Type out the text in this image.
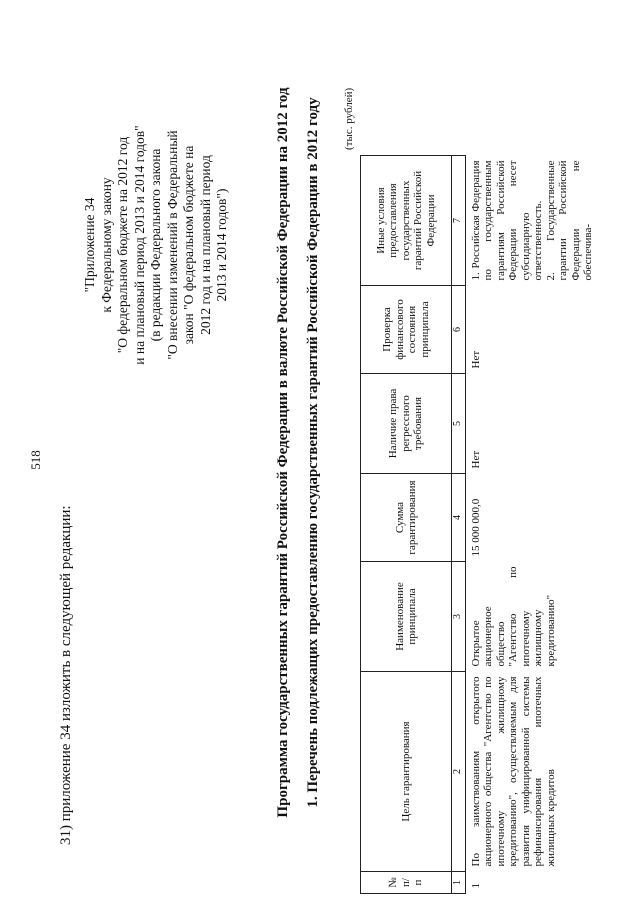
518
31) приложение 34 изложить в следующей редакции:
"Приложение 34 к Федеральному закону "О федеральном бюджете на 2012 год и на плановый период 2013 и 2014 годов" (в редакции Федерального закона "О внесении изменений в Федеральный закон "О федеральном бюджете на 2012 год и на плановый период 2013 и 2014 годов")	Программа государственных гарантий Российской Федерации в валюте Российской Федерации на 2012 год 1. Перечень подлежащих предоставлению государственных гарантий Российской Федерации в 2012 году (тыс. рублей)
№ п/п	Цель гарантирования	Наименование принципала	Сумма гарантирования	Наличие права регрессного требования	Проверка финансового состояния принципала	Иные условия предоставления государственных гарантий Российской Федерации
1	2	3	4	5	6	7
1	По заимствованиям открытого акционерного общества "Агентство по ипотечному жилищному кредитованию", осуществляемым для развития унифицированной системы рефинансирования ипотечных жилищных кредитов	Открытое акционерное общество "Агентство по ипотечному жилищному кредитованию"	15 000 000,0	Нет	Нет	1. Российская Федерация по государственным гарантиям Российской Федерации несет субсидиарную ответственность. 2. Государственные гарантии Российской Федерации не обеспечива-
